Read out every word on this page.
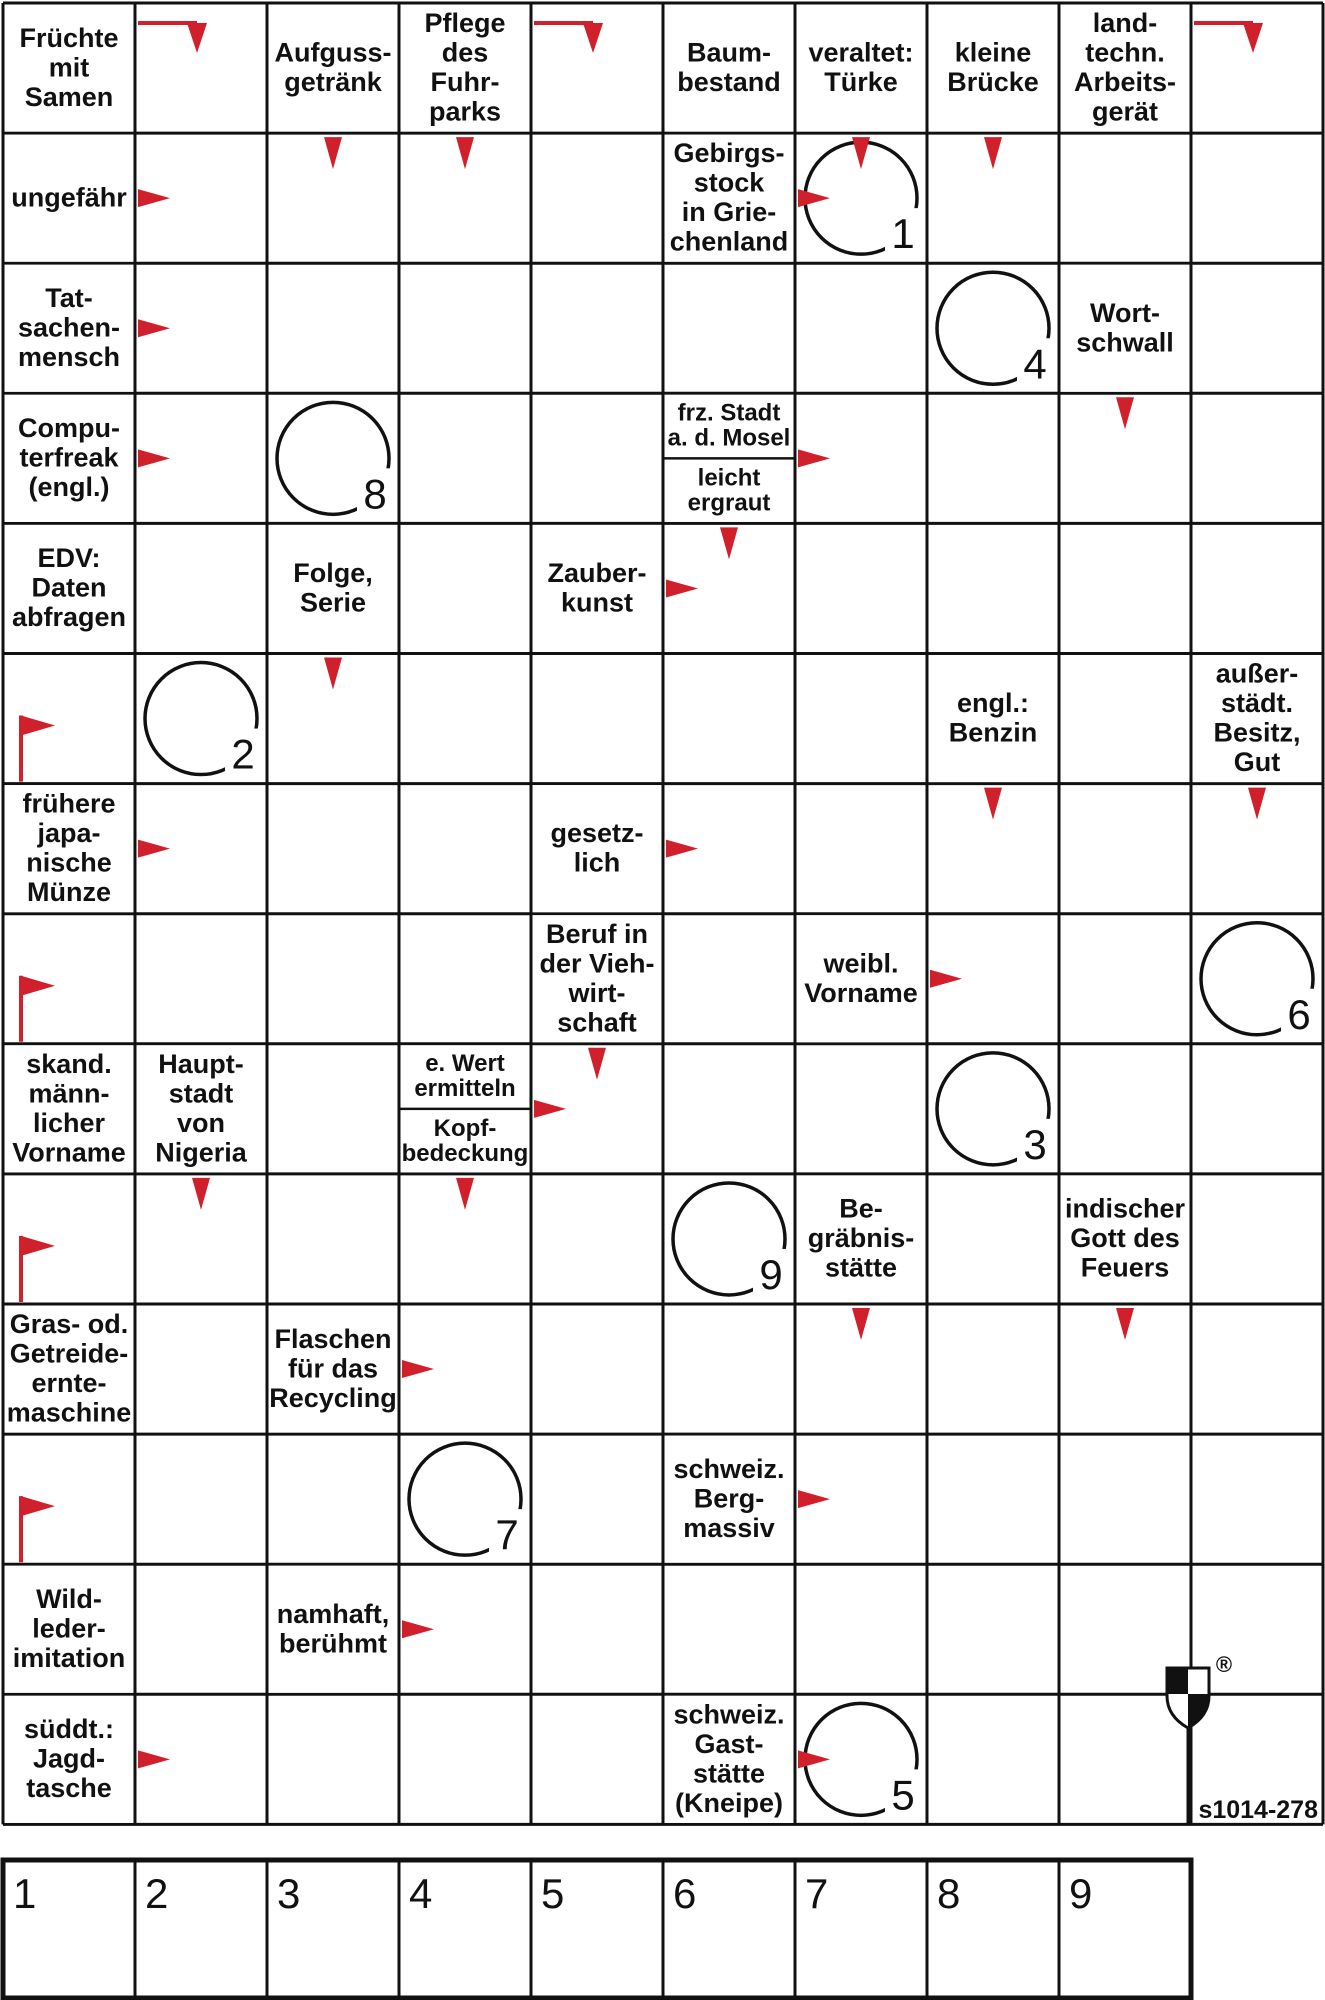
1
2
3
4
5
6
7
8
9
Früchte
mit
Samen
Aufguss-
getränk
Pflege
des
Fuhr-
parks
Baum-
bestand
veraltet:
Türke
kleine
Brücke
land-
techn.
Arbeits-
gerät
ungefähr
Gebirgs-
stock
in Grie-
chenland
Tat-
sachen-
mensch
Wort-
schwall
Compu-
terfreak
(engl.)
frz. Stadt
a. d. Mosel
leicht
ergraut
EDV:
Daten
abfragen
Folge,
Serie
Zauber-
kunst
engl.:
Benzin
außer-
städt.
Besitz,
Gut
frühere
japa-
nische
Münze
gesetz-
lich
Beruf in
der Vieh-
wirt-
schaft
weibl.
Vorname
skand.
männ-
licher
Vorname
Haupt-
stadt
von
Nigeria
e. Wert
ermitteln
Kopf-
bedeckung
Be-
gräbnis-
stätte
indischer
Gott des
Feuers
Gras- od.
Getreide-
ernte-
maschine
Flaschen
für das
Recycling
schweiz.
Berg-
massiv
Wild-
leder-
imitation
namhaft,
berühmt
süddt.:
Jagd-
tasche
schweiz.
Gast-
stätte
(Kneipe)
®
s1014-278
1	2	3	4	5	6	7	8	9
